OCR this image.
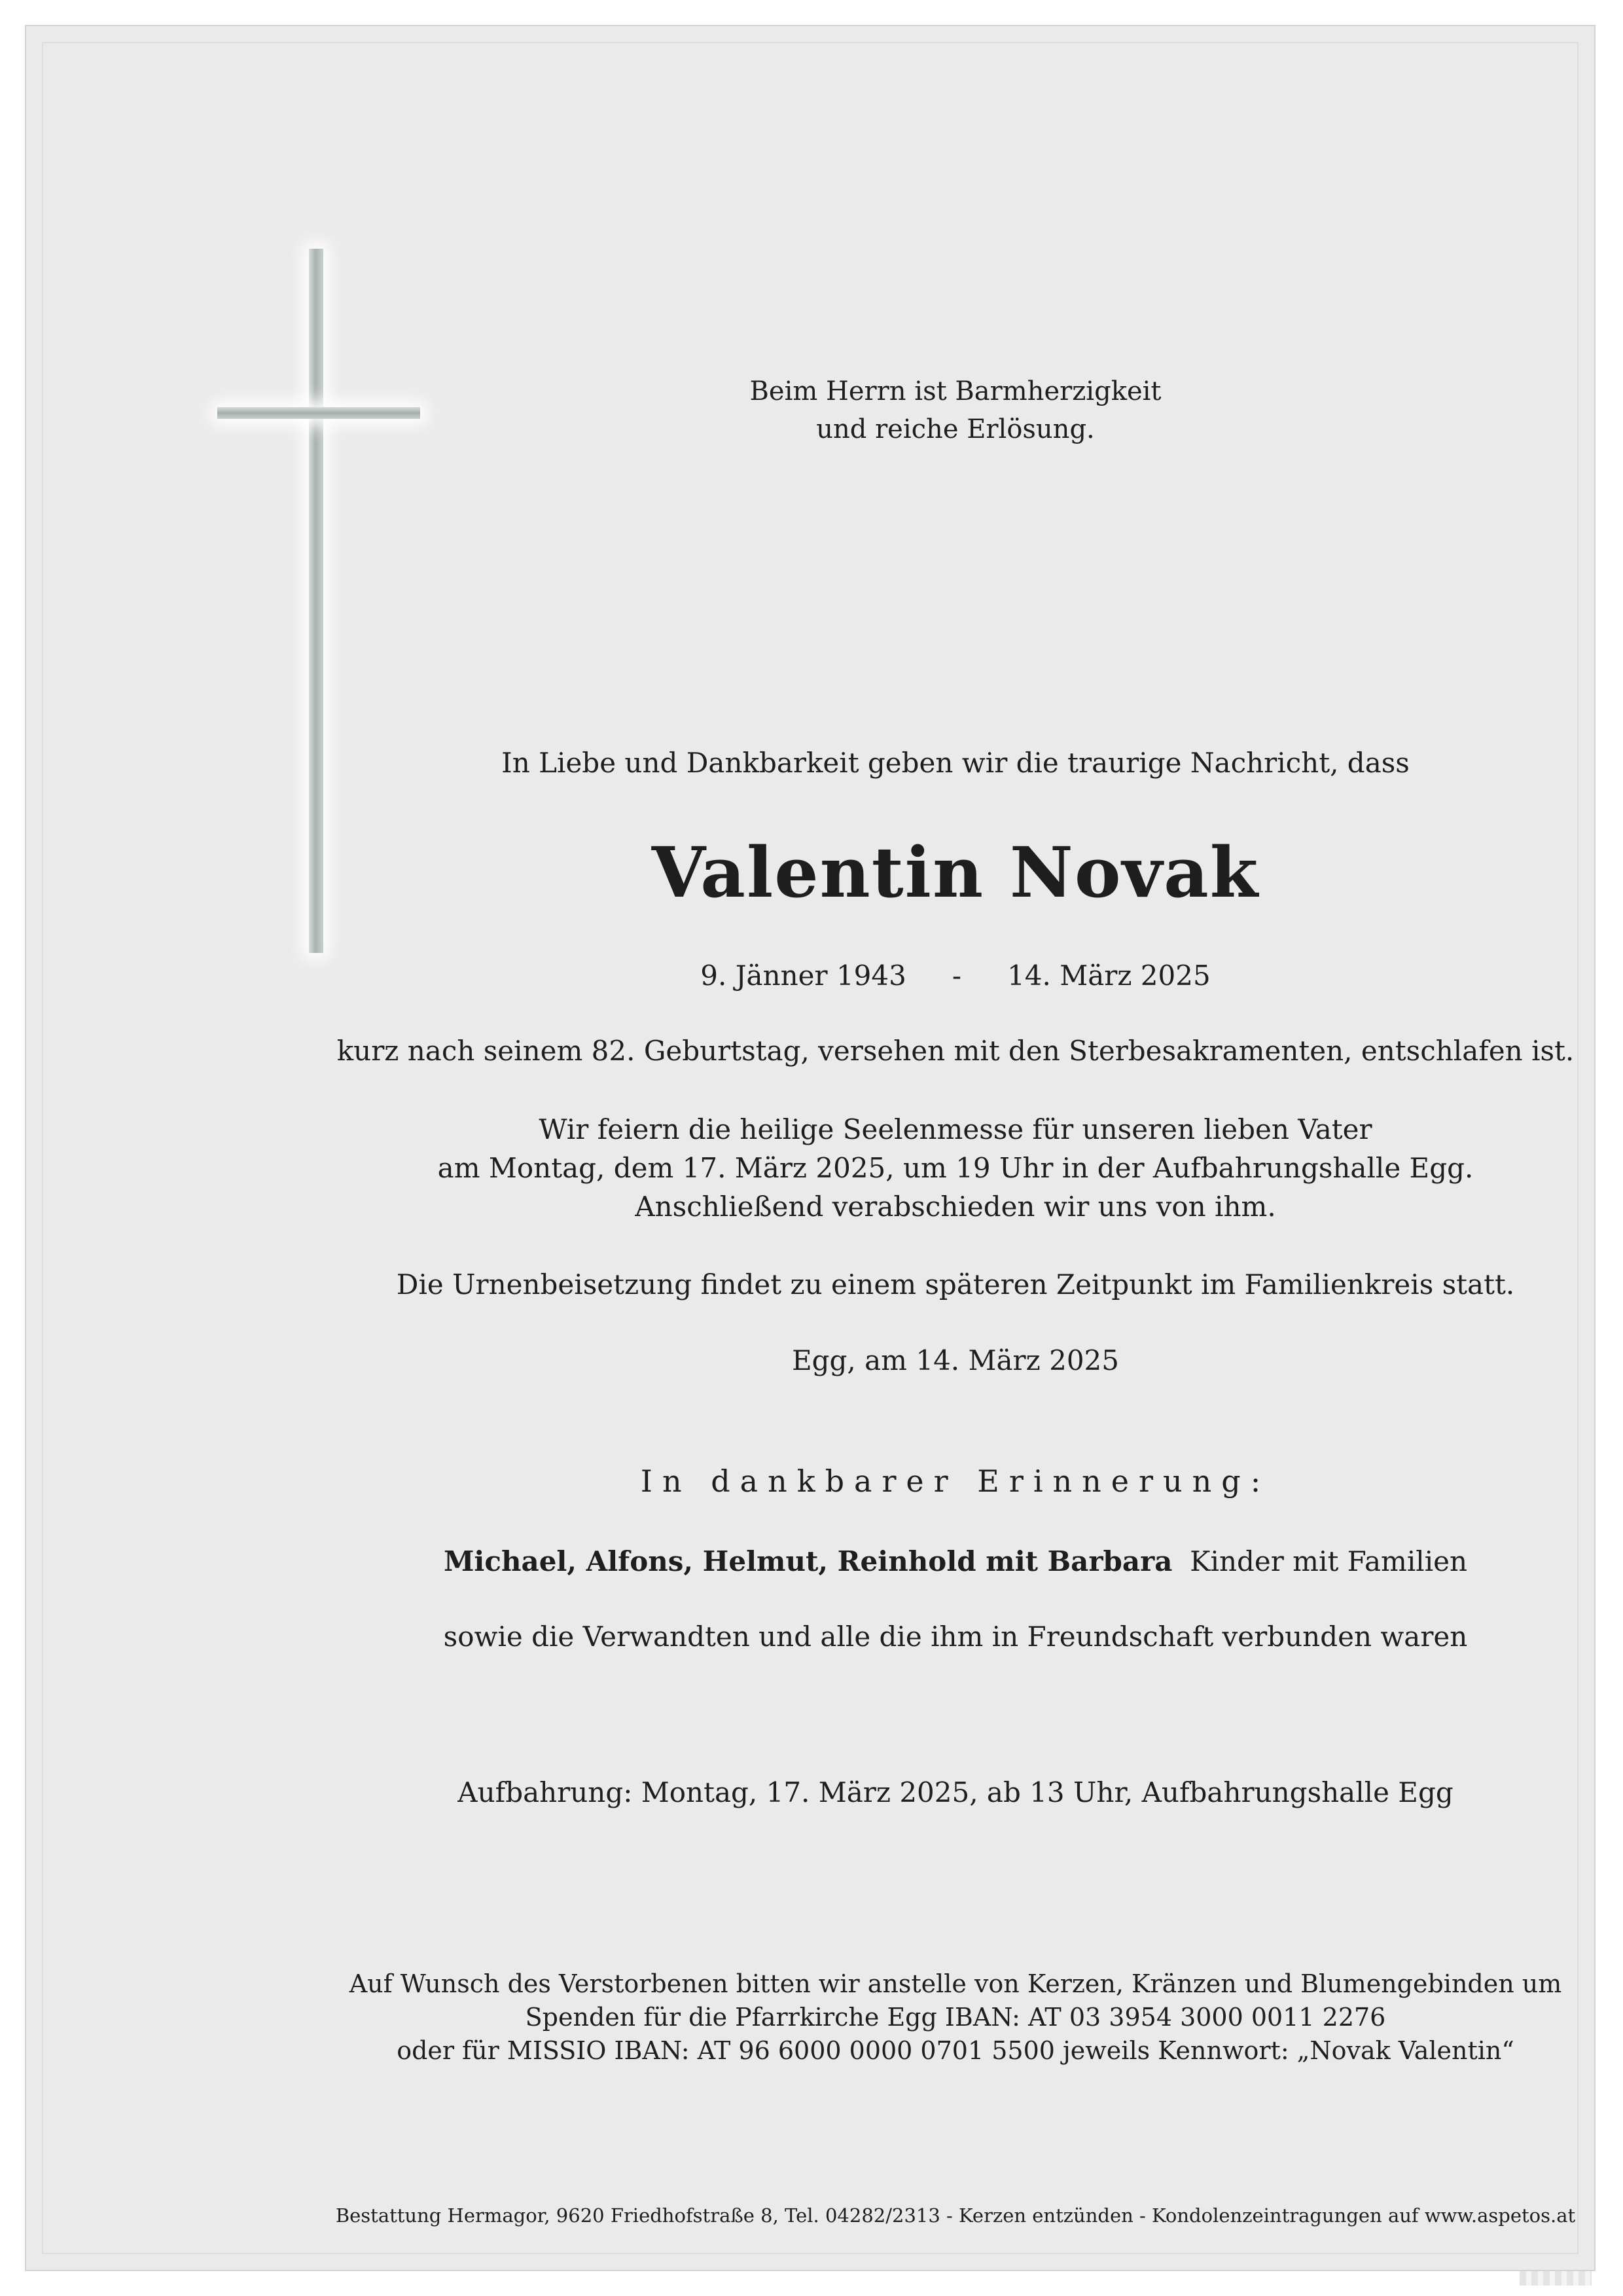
Beim Herrn ist Barmherzigkeit

und reiche Erlösung.

In Liebe und Dankbarkeit geben wir die traurige Nachricht, dass

Valentin Novak

9. Jänner 1943 - 14. März 2025

kurz nach seinem 82. Geburtstag, versehen mit den Sterbesakramenten, entschlafen ist.

Wir feiern die heilige Seelenmesse für unseren lieben Vater

am Montag, dem 17. März 2025, um 19 Uhr in der Aufbahrungshalle Egg.

Anschließend verabschieden wir uns von ihm.

Die Urnenbeisetzung findet zu einem späteren Zeitpunkt im Familienkreis statt.

Egg, am 14. März 2025

In dankbarer Erinnerung:

Michael, Alfons, Helmut, Reinhold mit Barbara Kinder mit Familien

sowie die Verwandten und alle die ihm in Freundschaft verbunden waren

Aufbahrung: Montag, 17. März 2025, ab 13 Uhr, Aufbahrungshalle Egg

Auf Wunsch des Verstorbenen bitten wir anstelle von Kerzen, Kränzen und Blumengebinden um

Spenden für die Pfarrkirche Egg IBAN: AT 03 3954 3000 0011 2276

oder für MISSIO IBAN: AT 96 6000 0000 0701 5500 jeweils Kennwort: „Novak Valentin“

Bestattung Hermagor, 9620 Friedhofstraße 8, Tel. 04282/2313 - Kerzen entzünden - Kondolenzeintragungen auf www.aspetos.at
